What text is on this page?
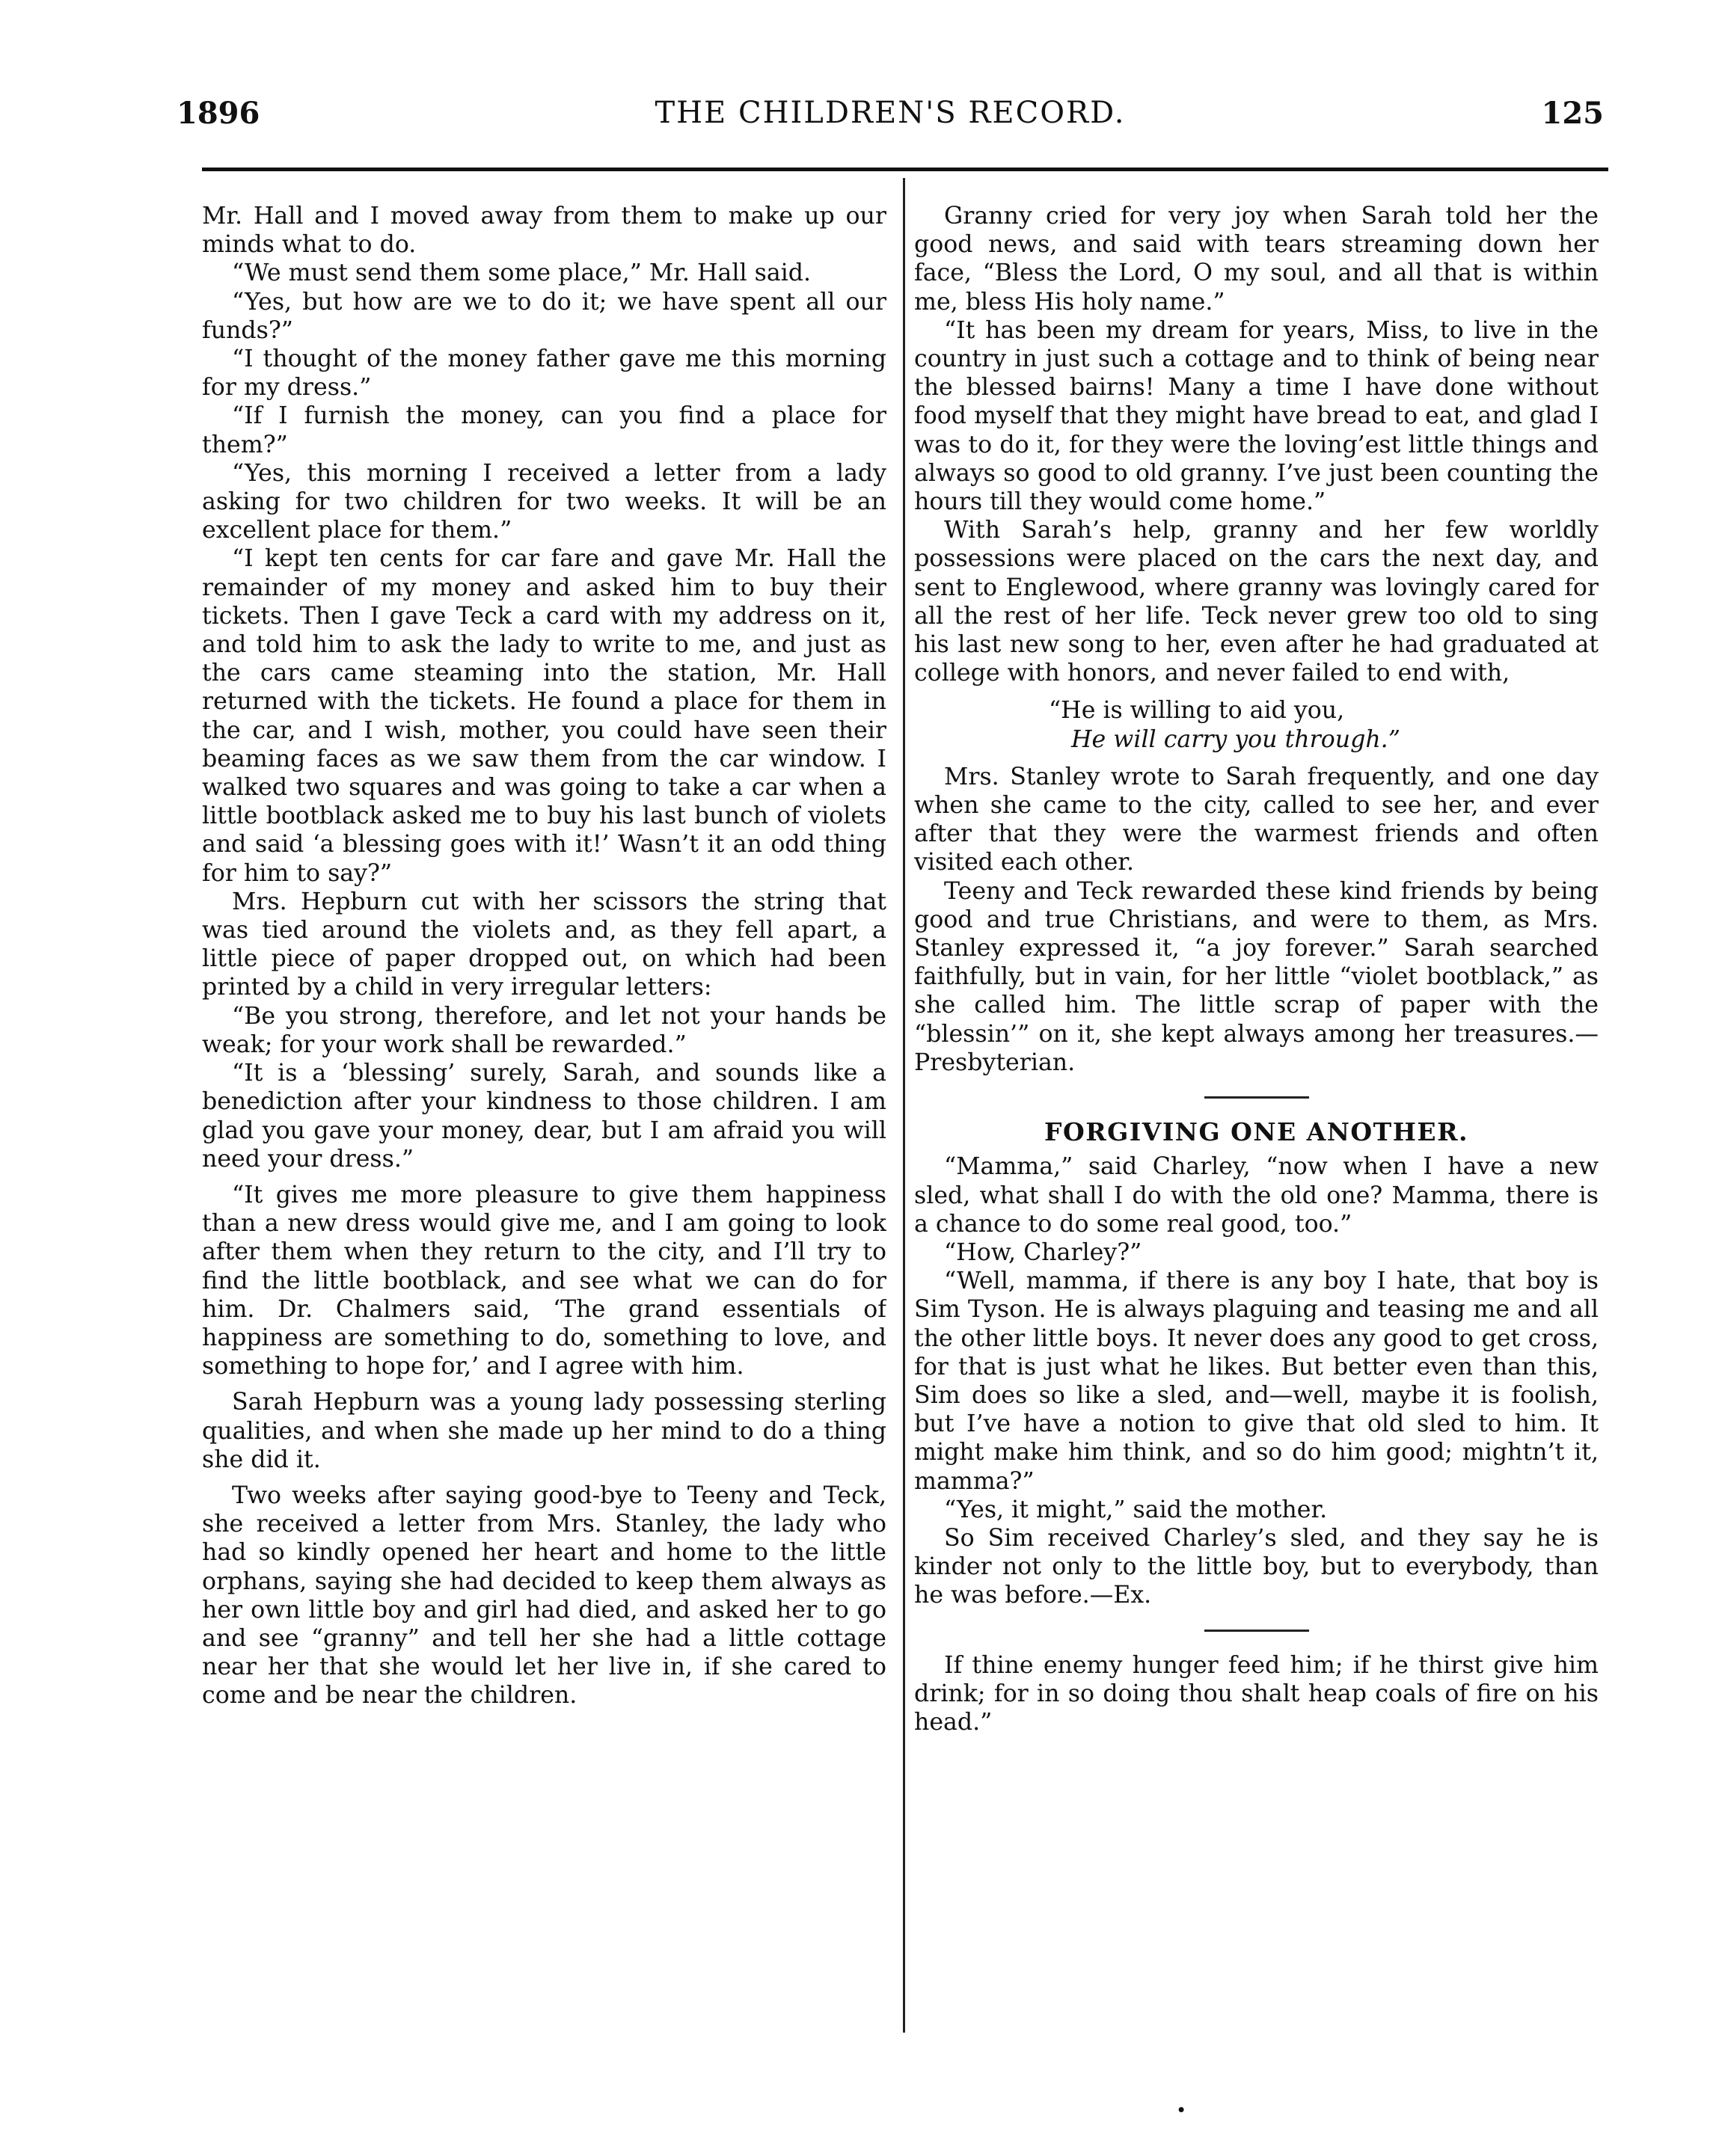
1896	THE CHILDREN'S RECORD.	125

Mr. Hall and I moved away from them to make up our minds what to do.

“We must send them some place,” Mr. Hall said.

“Yes, but how are we to do it; we have spent all our funds?”

“I thought of the money father gave me this morning for my dress.”

“If I furnish the money, can you find a place for them?”

“Yes, this morning I received a letter from a lady asking for two children for two weeks. It will be an excellent place for them.”

“I kept ten cents for car fare and gave Mr. Hall the remainder of my money and asked him to buy their tickets. Then I gave Teck a card with my address on it, and told him to ask the lady to write to me, and just as the cars came steaming into the station, Mr. Hall returned with the tickets. He found a place for them in the car, and I wish, mother, you could have seen their beaming faces as we saw them from the car window. I walked two squares and was going to take a car when a little bootblack asked me to buy his last bunch of violets and said ‘a blessing goes with it!’ Wasn’t it an odd thing for him to say?”

Mrs. Hepburn cut with her scissors the string that was tied around the violets and, as they fell apart, a little piece of paper dropped out, on which had been printed by a child in very irregular letters:

“Be you strong, therefore, and let not your hands be weak; for your work shall be rewarded.”

“It is a ‘blessing’ surely, Sarah, and sounds like a benediction after your kindness to those children. I am glad you gave your money, dear, but I am afraid you will need your dress.”

“It gives me more pleasure to give them happiness than a new dress would give me, and I am going to look after them when they return to the city, and I’ll try to find the little bootblack, and see what we can do for him. Dr. Chalmers said, ‘The grand essentials of happiness are something to do, something to love, and something to hope for,’ and I agree with him.

Sarah Hepburn was a young lady possessing sterling qualities, and when she made up her mind to do a thing she did it.

Two weeks after saying good-bye to Teeny and Teck, she received a letter from Mrs. Stanley, the lady who had so kindly opened her heart and home to the little orphans, saying she had decided to keep them always as her own little boy and girl had died, and asked her to go and see “granny” and tell her she had a little cottage near her that she would let her live in, if she cared to come and be near the children.

Granny cried for very joy when Sarah told her the good news, and said with tears streaming down her face, “Bless the Lord, O my soul, and all that is within me, bless His holy name.”

“It has been my dream for years, Miss, to live in the country in just such a cottage and to think of being near the blessed bairns! Many a time I have done without food myself that they might have bread to eat, and glad I was to do it, for they were the loving’est little things and always so good to old granny. I’ve just been counting the hours till they would come home.”

With Sarah’s help, granny and her few worldly possessions were placed on the cars the next day, and sent to Englewood, where granny was lovingly cared for all the rest of her life. Teck never grew too old to sing his last new song to her, even after he had graduated at college with honors, and never failed to end with,

“He is willing to aid you,
He will carry you through.”

Mrs. Stanley wrote to Sarah frequently, and one day when she came to the city, called to see her, and ever after that they were the warmest friends and often visited each other.

Teeny and Teck rewarded these kind friends by being good and true Christians, and were to them, as Mrs. Stanley expressed it, “a joy forever.” Sarah searched faithfully, but in vain, for her little “violet bootblack,” as she called him. The little scrap of paper with the “blessin’” on it, she kept always among her treasures.—Presbyterian.

FORGIVING ONE ANOTHER.

“Mamma,” said Charley, “now when I have a new sled, what shall I do with the old one? Mamma, there is a chance to do some real good, too.”

“How, Charley?”

“Well, mamma, if there is any boy I hate, that boy is Sim Tyson. He is always plaguing and teasing me and all the other little boys. It never does any good to get cross, for that is just what he likes. But better even than this, Sim does so like a sled, and—well, maybe it is foolish, but I’ve have a notion to give that old sled to him. It might make him think, and so do him good; mightn’t it, mamma?”

“Yes, it might,” said the mother.

So Sim received Charley’s sled, and they say he is kinder not only to the little boy, but to everybody, than he was before.—Ex.

If thine enemy hunger feed him; if he thirst give him drink; for in so doing thou shalt heap coals of fire on his head.”

•
